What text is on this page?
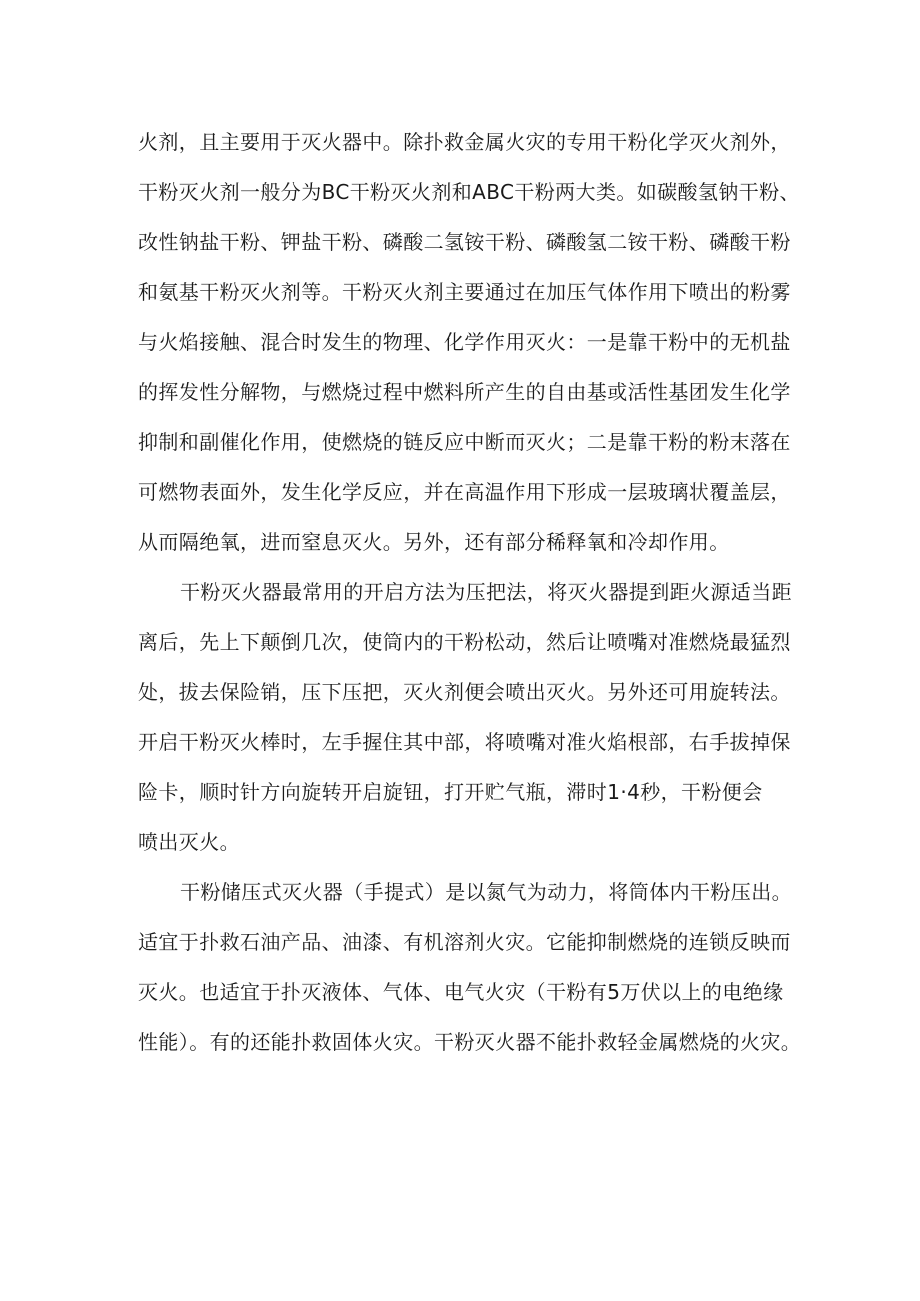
火剂，且主要用于灭火器中。除扑救金属火灾的专用干粉化学灭火剂外，
干粉灭火剂一般分为BC干粉灭火剂和ABC干粉两大类。如碳酸氢钠干粉、
改性钠盐干粉、钾盐干粉、磷酸二氢铵干粉、磷酸氢二铵干粉、磷酸干粉
和氨基干粉灭火剂等。干粉灭火剂主要通过在加压气体作用下喷出的粉雾
与火焰接触、混合时发生的物理、化学作用灭火：一是靠干粉中的无机盐
的挥发性分解物，与燃烧过程中燃料所产生的自由基或活性基团发生化学
抑制和副催化作用，使燃烧的链反应中断而灭火；二是靠干粉的粉末落在
可燃物表面外，发生化学反应，并在高温作用下形成一层玻璃状覆盖层，
从而隔绝氧，进而窒息灭火。另外，还有部分稀释氧和冷却作用。
干粉灭火器最常用的开启方法为压把法，将灭火器提到距火源适当距
离后，先上下颠倒几次，使筒内的干粉松动，然后让喷嘴对准燃烧最猛烈
处，拔去保险销，压下压把，灭火剂便会喷出灭火。另外还可用旋转法。
开启干粉灭火棒时，左手握住其中部，将喷嘴对准火焰根部，右手拔掉保
险卡，顺时针方向旋转开启旋钮，打开贮气瓶，滞时1·4秒，干粉便会
喷出灭火。
干粉储压式灭火器（手提式）是以氮气为动力，将筒体内干粉压出。
适宜于扑救石油产品、油漆、有机溶剂火灾。它能抑制燃烧的连锁反映而
灭火。也适宜于扑灭液体、气体、电气火灾（干粉有5万伏以上的电绝缘
性能）。有的还能扑救固体火灾。干粉灭火器不能扑救轻金属燃烧的火灾。
